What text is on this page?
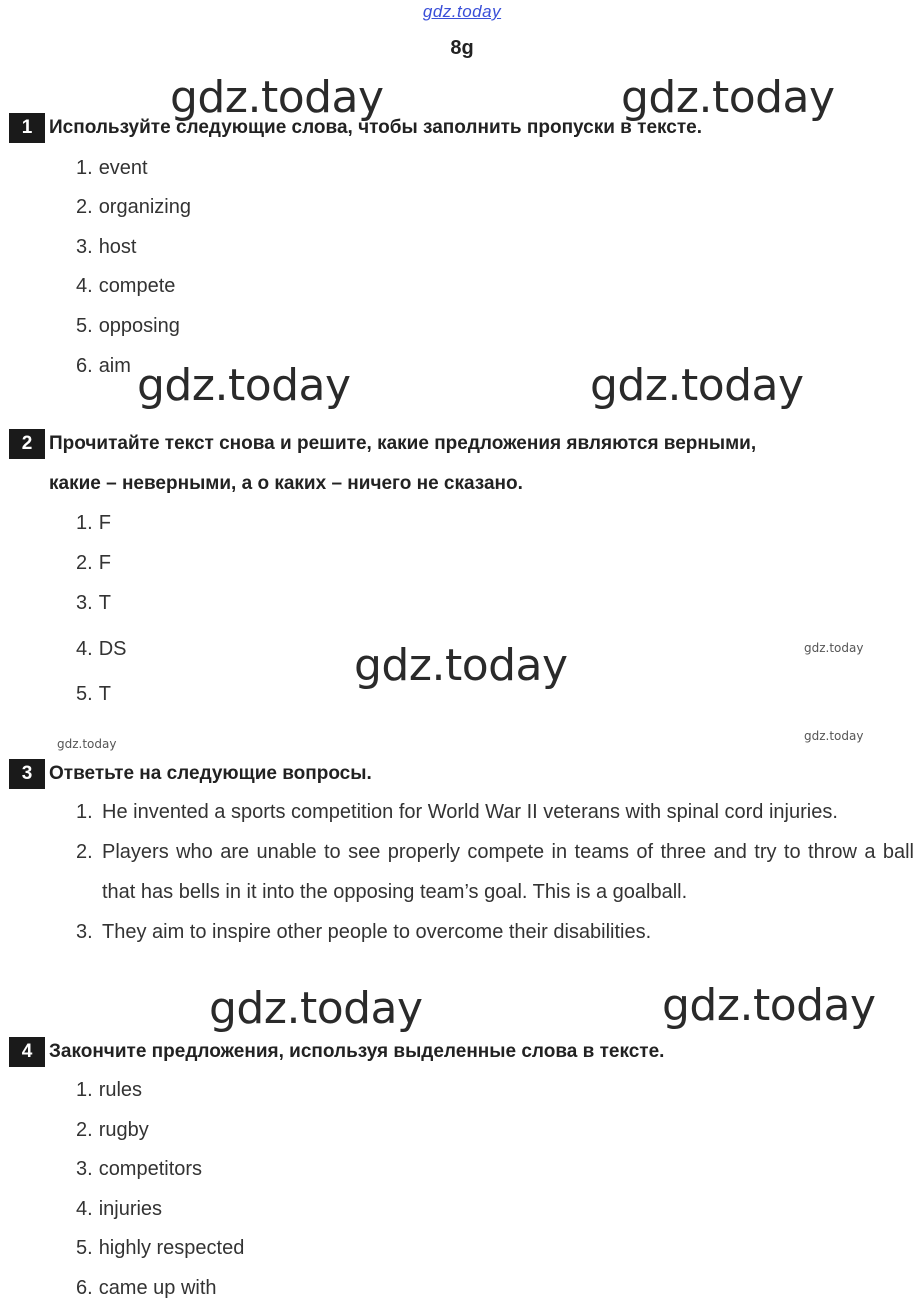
gdz.today
8g
gdz.today	gdz.today
gdz.today	gdz.today
gdz.today
gdz.today	gdz.today
gdz.today
gdz.today
gdz.today
1 Используйте следующие слова, чтобы заполнить пропуски в тексте.
1. event
2. organizing
3. host
4. compete
5. opposing
6. aim
2 Прочитайте текст снова и решите, какие предложения являются верными,
какие – неверными, а о каких – ничего не сказано.
1. F
2. F
3. T
4. DS
5. T
3 Ответьте на следующие вопросы.
1. He invented a sports competition for World War II veterans with spinal cord injuries.
2. Players who are unable to see properly compete in teams of three and try to throw a ball that has bells in it into the opposing team’s goal. This is a goalball.
3. They aim to inspire other people to overcome their disabilities.
4 Закончите предложения, используя выделенные слова в тексте.
1. rules
2. rugby
3. competitors
4. injuries
5. highly respected
6. came up with
